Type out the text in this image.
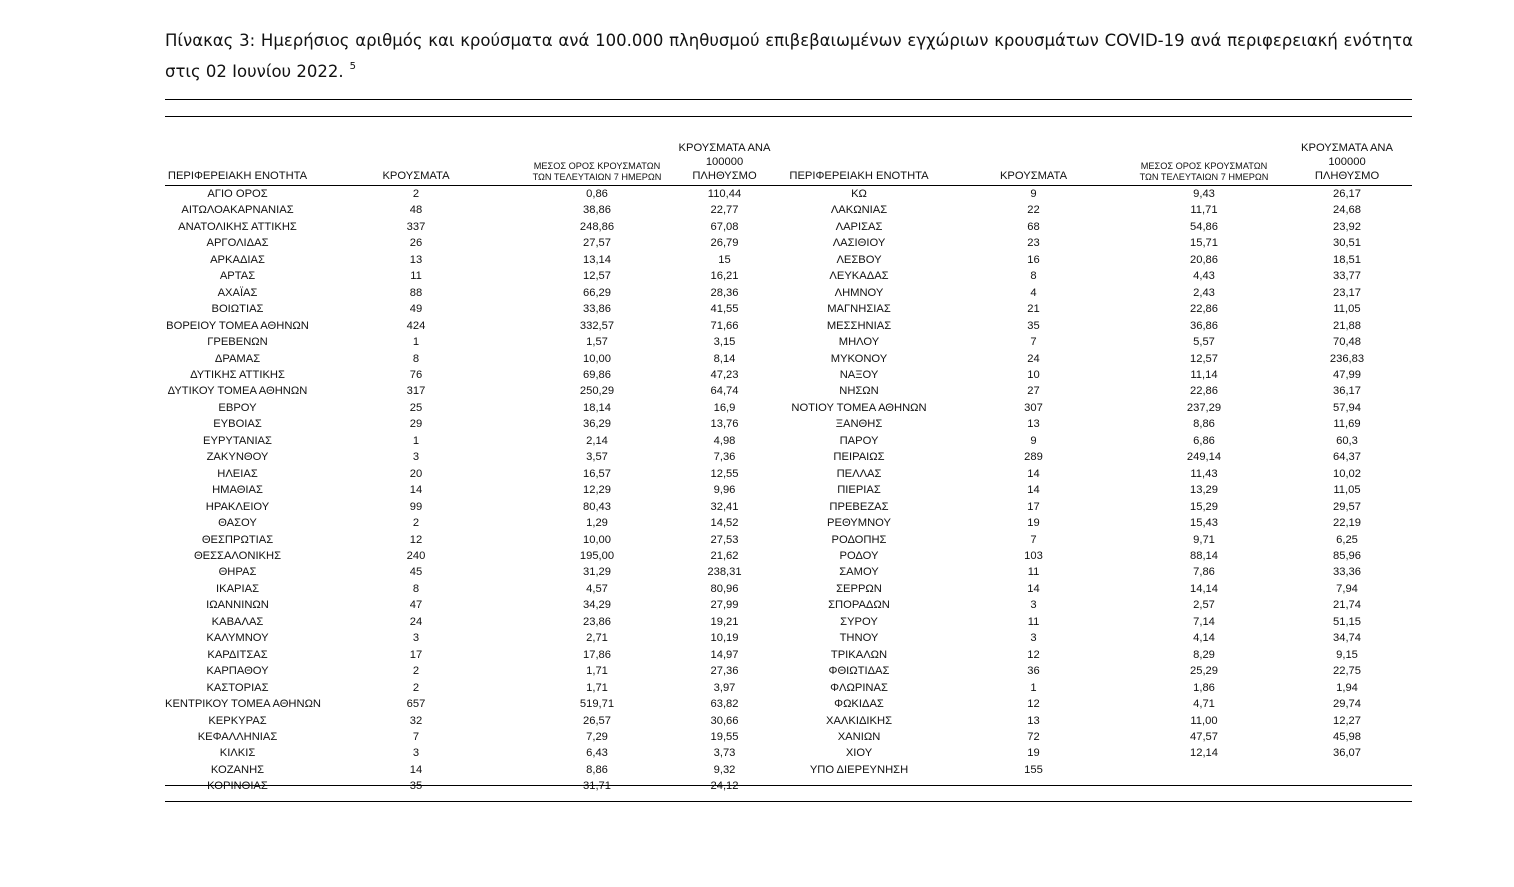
Πίνακας 3: Ημερήσιος αριθμός και κρούσματα ανά 100.000 πληθυσμού επιβεβαιωμένων εγχώριων κρουσμάτων COVID-19 ανά περιφερειακή ενότητα στις 02 Ιουνίου 2022. $^5$
ΠΕΡΙΦΕΡΕΙΑΚΗ ΕΝΟΤΗΤΑ	ΚΡΟΥΣΜΑΤΑ	ΜΕΣΟΣ ΟΡΟΣ ΚΡΟΥΣΜΑΤΩΝ
ΤΩΝ ΤΕΛΕΥΤΑΙΩΝ 7 ΗΜΕΡΩΝ	ΚΡΟΥΣΜΑΤΑ ΑΝΑ 100000
ΠΛΗΘΥΣΜΟ	ΠΕΡΙΦΕΡΕΙΑΚΗ ΕΝΟΤΗΤΑ	ΚΡΟΥΣΜΑΤΑ	ΜΕΣΟΣ ΟΡΟΣ ΚΡΟΥΣΜΑΤΩΝ
ΤΩΝ ΤΕΛΕΥΤΑΙΩΝ 7 ΗΜΕΡΩΝ	ΚΡΟΥΣΜΑΤΑ ΑΝΑ 100000
ΠΛΗΘΥΣΜΟ
ΑΓΙΟ ΟΡΟΣ	2	0,86	110,44	ΚΩ	9	9,43	26,17
ΑΙΤΩΛΟΑΚΑΡΝΑΝΙΑΣ	48	38,86	22,77	ΛΑΚΩΝΙΑΣ	22	11,71	24,68
ΑΝΑΤΟΛΙΚΗΣ ΑΤΤΙΚΗΣ	337	248,86	67,08	ΛΑΡΙΣΑΣ	68	54,86	23,92
ΑΡΓΟΛΙΔΑΣ	26	27,57	26,79	ΛΑΣΙΘΙΟΥ	23	15,71	30,51
ΑΡΚΑΔΙΑΣ	13	13,14	15	ΛΕΣΒΟΥ	16	20,86	18,51
ΑΡΤΑΣ	11	12,57	16,21	ΛΕΥΚΑΔΑΣ	8	4,43	33,77
ΑΧΑΪΑΣ	88	66,29	28,36	ΛΗΜΝΟΥ	4	2,43	23,17
ΒΟΙΩΤΙΑΣ	49	33,86	41,55	ΜΑΓΝΗΣΙΑΣ	21	22,86	11,05
ΒΟΡΕΙΟΥ ΤΟΜΕΑ ΑΘΗΝΩΝ	424	332,57	71,66	ΜΕΣΣΗΝΙΑΣ	35	36,86	21,88
ΓΡΕΒΕΝΩΝ	1	1,57	3,15	ΜΗΛΟΥ	7	5,57	70,48
ΔΡΑΜΑΣ	8	10,00	8,14	ΜΥΚΟΝΟΥ	24	12,57	236,83
ΔΥΤΙΚΗΣ ΑΤΤΙΚΗΣ	76	69,86	47,23	ΝΑΞΟΥ	10	11,14	47,99
ΔΥΤΙΚΟΥ ΤΟΜΕΑ ΑΘΗΝΩΝ	317	250,29	64,74	ΝΗΣΩΝ	27	22,86	36,17
ΕΒΡΟΥ	25	18,14	16,9	ΝΟΤΙΟΥ ΤΟΜΕΑ ΑΘΗΝΩΝ	307	237,29	57,94
ΕΥΒΟΙΑΣ	29	36,29	13,76	ΞΑΝΘΗΣ	13	8,86	11,69
ΕΥΡΥΤΑΝΙΑΣ	1	2,14	4,98	ΠΑΡΟΥ	9	6,86	60,3
ΖΑΚΥΝΘΟΥ	3	3,57	7,36	ΠΕΙΡΑΙΩΣ	289	249,14	64,37
ΗΛΕΙΑΣ	20	16,57	12,55	ΠΕΛΛΑΣ	14	11,43	10,02
ΗΜΑΘΙΑΣ	14	12,29	9,96	ΠΙΕΡΙΑΣ	14	13,29	11,05
ΗΡΑΚΛΕΙΟΥ	99	80,43	32,41	ΠΡΕΒΕΖΑΣ	17	15,29	29,57
ΘΑΣΟΥ	2	1,29	14,52	ΡΕΘΥΜΝΟΥ	19	15,43	22,19
ΘΕΣΠΡΩΤΙΑΣ	12	10,00	27,53	ΡΟΔΟΠΗΣ	7	9,71	6,25
ΘΕΣΣΑΛΟΝΙΚΗΣ	240	195,00	21,62	ΡΟΔΟΥ	103	88,14	85,96
ΘΗΡΑΣ	45	31,29	238,31	ΣΑΜΟΥ	11	7,86	33,36
ΙΚΑΡΙΑΣ	8	4,57	80,96	ΣΕΡΡΩΝ	14	14,14	7,94
ΙΩΑΝΝΙΝΩΝ	47	34,29	27,99	ΣΠΟΡΑΔΩΝ	3	2,57	21,74
ΚΑΒΑΛΑΣ	24	23,86	19,21	ΣΥΡΟΥ	11	7,14	51,15
ΚΑΛΥΜΝΟΥ	3	2,71	10,19	ΤΗΝΟΥ	3	4,14	34,74
ΚΑΡΔΙΤΣΑΣ	17	17,86	14,97	ΤΡΙΚΑΛΩΝ	12	8,29	9,15
ΚΑΡΠΑΘΟΥ	2	1,71	27,36	ΦΘΙΩΤΙΔΑΣ	36	25,29	22,75
ΚΑΣΤΟΡΙΑΣ	2	1,71	3,97	ΦΛΩΡΙΝΑΣ	1	1,86	1,94
ΚΕΝΤΡΙΚΟΥ ΤΟΜΕΑ ΑΘΗΝΩΝ	657	519,71	63,82	ΦΩΚΙΔΑΣ	12	4,71	29,74
ΚΕΡΚΥΡΑΣ	32	26,57	30,66	ΧΑΛΚΙΔΙΚΗΣ	13	11,00	12,27
ΚΕΦΑΛΛΗΝΙΑΣ	7	7,29	19,55	ΧΑΝΙΩΝ	72	47,57	45,98
ΚΙΛΚΙΣ	3	6,43	3,73	ΧΙΟΥ	19	12,14	36,07
ΚΟΖΑΝΗΣ	14	8,86	9,32	ΥΠΟ ΔΙΕΡΕΥΝΗΣΗ	155		
ΚΟΡΙΝΘΙΑΣ	35	31,71	24,12				
